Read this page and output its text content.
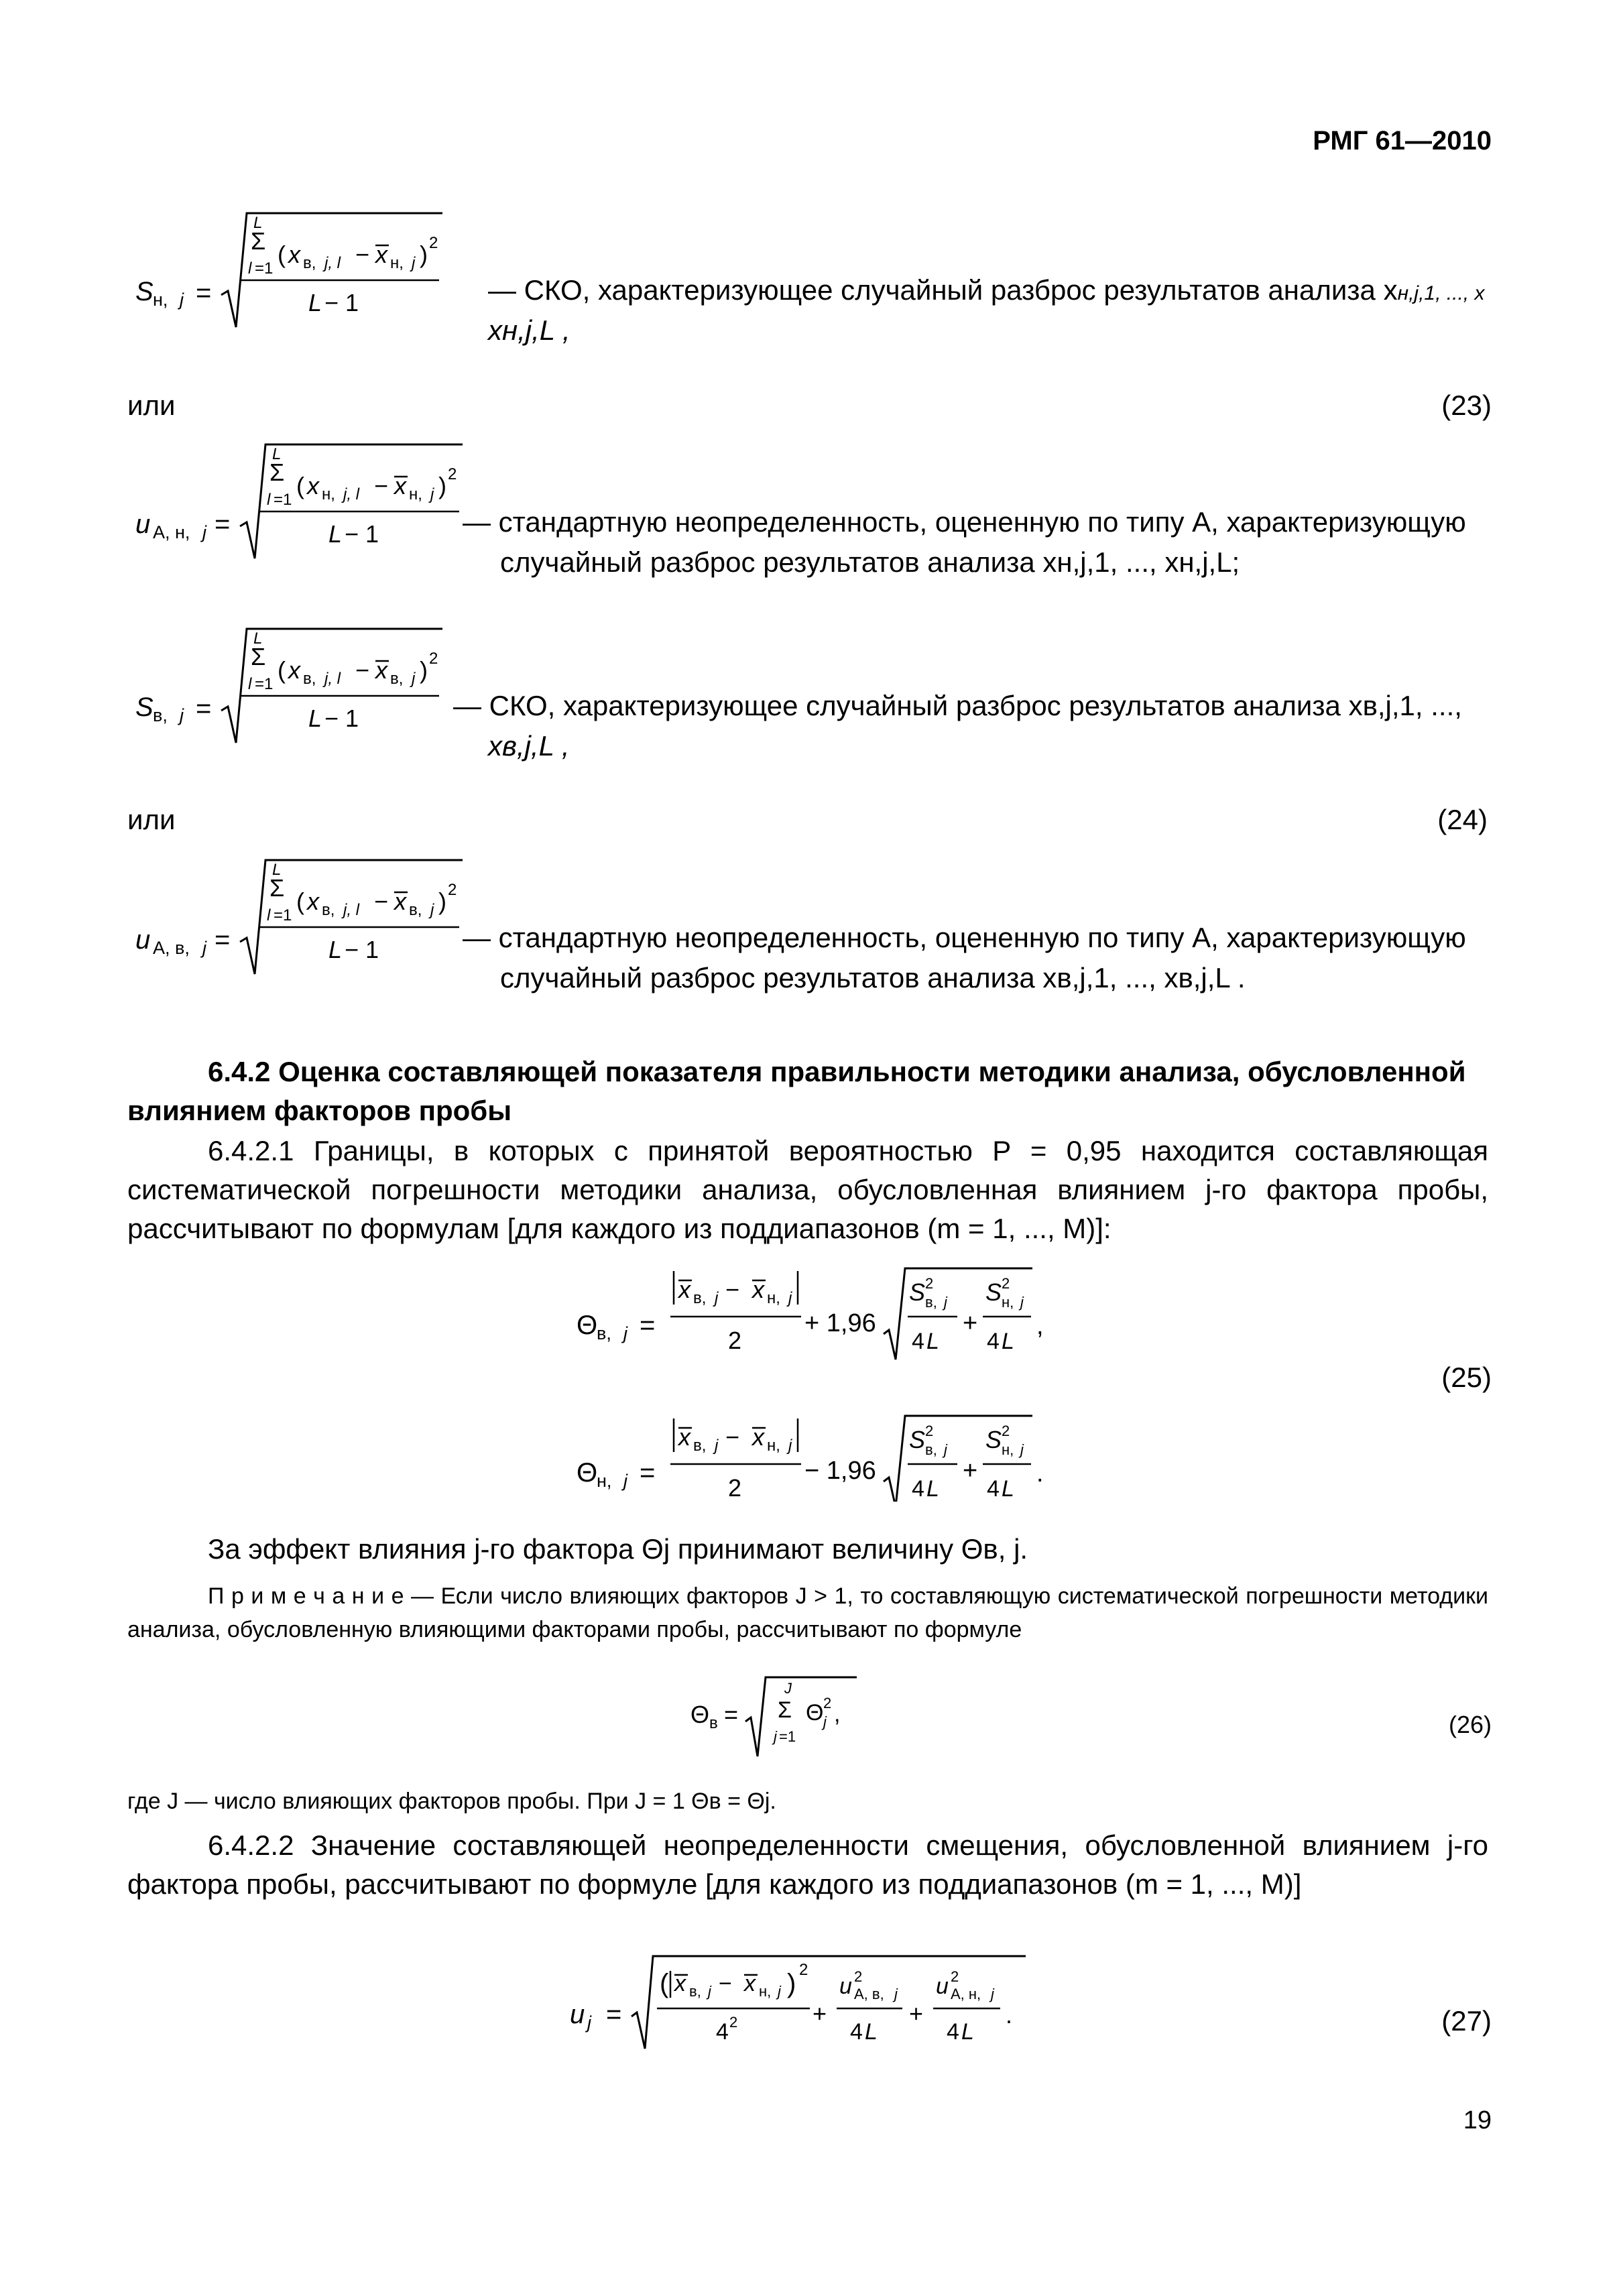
РМГ 61—2010
S н, j =
L
Σ
l =1
( x в, j, l − x н, j ) 2
L − 1	— СКО, характеризующее случайный разброс результатов анализа xн,j,1, ..., x
xн,j,L ,
или	(23)
u А, н, j =
L
Σ
l =1
( x н, j, l − x н, j ) 2
L − 1	— стандартную неопределенность, оцененную по типу А, характеризующую
случайный разброс результатов анализа xн,j,1, ..., xн,j,L;
S в, j =
L
Σ
l =1
( x в, j, l − x в, j ) 2
L − 1	— СКО, характеризующее случайный разброс результатов анализа xв,j,1, ...,
xв,j,L ,
или	(24)
u А, в, j =
L
Σ
l =1
( x в, j, l − x в, j ) 2
L − 1	— стандартную неопределенность, оцененную по типу А, характеризующую
случайный разброс результатов анализа xв,j,1, ..., xв,j,L .
6.4.2 Оценка составляющей показателя правильности методики анализа, обусловленной влиянием факторов пробы
6.4.2.1 Границы, в которых с принятой вероятностью P = 0,95 находится составляющая систематической погрешности методики анализа, обусловленная влиянием j-го фактора пробы, рассчитывают по формулам [для каждого из поддиапазонов (m = 1, ..., M)]:
Θ
в, j =
x в, j − x н, j
2
+ 1,96
S 2
в, j
4 L
+
S 2
н, j
4 L
,
Θ
н, j =
x в, j − x н, j
2
− 1,96
S 2
в, j
4 L
+
S 2
н, j
4 L
.
(25)
За эффект влияния j-го фактора Θj принимают величину Θв, j.
П р и м е ч а н и е — Если число влияющих факторов J > 1, то составляющую систематической погрешности методики анализа, обусловленную влияющими факторами пробы, рассчитывают по формуле
Θ в =
J
Σ
j =1
Θ 2
j ,	(26)
где J — число влияющих факторов пробы. При J = 1 Θв = Θj.
6.4.2.2 Значение составляющей неопределенности смещения, обусловленной влиянием j-го фактора пробы, рассчитывают по формуле [для каждого из поддиапазонов (m = 1, ..., M)]
u j =
( x в, j − x н, j ) 2
4 2	+
u 2
А, в, j
4 L
+
u 2
А, н, j
4 L
.	(27)
19
